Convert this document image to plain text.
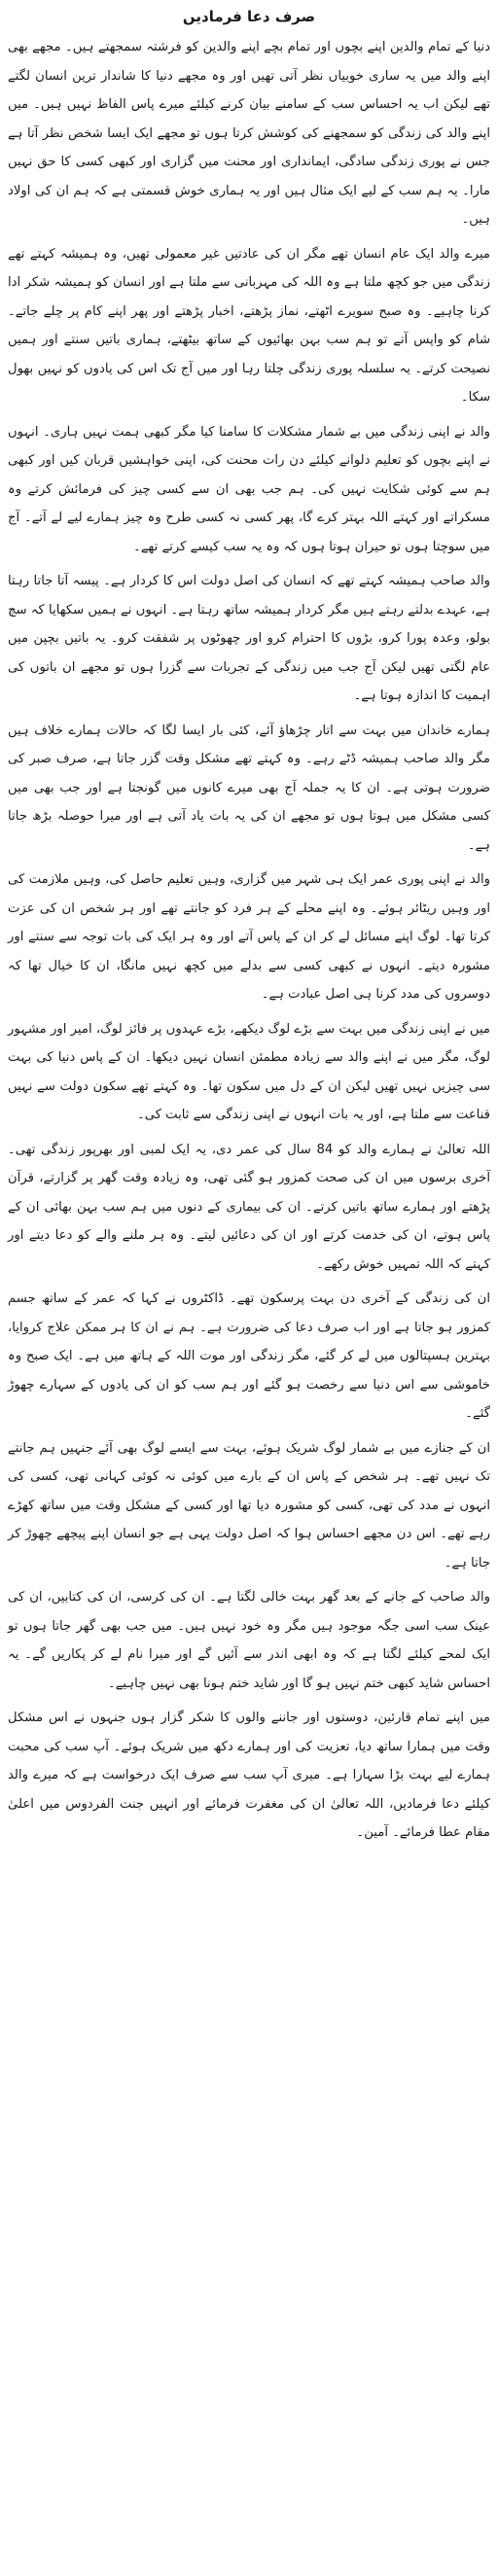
صرف دعا فرمادیں

دنیا کے تمام والدین اپنے بچوں اور تمام بچے اپنے والدین کو فرشتہ سمجھتے ہیں۔ مجھے بھی اپنے والد میں یہ ساری خوبیاں نظر آتی تھیں اور وہ مجھے دنیا کا شاندار ترین انسان لگتے تھے لیکن اب یہ احساس سب کے سامنے بیان کرنے کیلئے میرے پاس الفاظ نہیں ہیں۔ میں اپنے والد کی زندگی کو سمجھنے کی کوشش کرتا ہوں تو مجھے ایک ایسا شخص نظر آتا ہے جس نے پوری زندگی سادگی، ایمانداری اور محنت میں گزاری اور کبھی کسی کا حق نہیں مارا۔ یہ ہم سب کے لیے ایک مثال ہیں اور یہ ہماری خوش قسمتی ہے کہ ہم ان کی اولاد ہیں۔

میرے والد ایک عام انسان تھے مگر ان کی عادتیں غیر معمولی تھیں، وہ ہمیشہ کہتے تھے زندگی میں جو کچھ ملتا ہے وہ اللہ کی مہربانی سے ملتا ہے اور انسان کو ہمیشہ شکر ادا کرنا چاہیے۔ وہ صبح سویرے اٹھتے، نماز پڑھتے، اخبار پڑھتے اور پھر اپنے کام پر چلے جاتے۔ شام کو واپس آتے تو ہم سب بہن بھائیوں کے ساتھ بیٹھتے، ہماری باتیں سنتے اور ہمیں نصیحت کرتے۔ یہ سلسلہ پوری زندگی چلتا رہا اور میں آج تک اس کی یادوں کو نہیں بھول سکا۔

والد نے اپنی زندگی میں بے شمار مشکلات کا سامنا کیا مگر کبھی ہمت نہیں ہاری۔ انہوں نے اپنے بچوں کو تعلیم دلوانے کیلئے دن رات محنت کی، اپنی خواہشیں قربان کیں اور کبھی ہم سے کوئی شکایت نہیں کی۔ ہم جب بھی ان سے کسی چیز کی فرمائش کرتے وہ مسکراتے اور کہتے اللہ بہتر کرے گا، پھر کسی نہ کسی طرح وہ چیز ہمارے لیے لے آتے۔ آج میں سوچتا ہوں تو حیران ہوتا ہوں کہ وہ یہ سب کیسے کرتے تھے۔

والد صاحب ہمیشہ کہتے تھے کہ انسان کی اصل دولت اس کا کردار ہے۔ پیسہ آتا جاتا رہتا ہے، عہدے بدلتے رہتے ہیں مگر کردار ہمیشہ ساتھ رہتا ہے۔ انہوں نے ہمیں سکھایا کہ سچ بولو، وعدہ پورا کرو، بڑوں کا احترام کرو اور چھوٹوں پر شفقت کرو۔ یہ باتیں بچپن میں عام لگتی تھیں لیکن آج جب میں زندگی کے تجربات سے گزرا ہوں تو مجھے ان باتوں کی اہمیت کا اندازہ ہوتا ہے۔

ہمارے خاندان میں بہت سے اتار چڑھاؤ آئے، کئی بار ایسا لگا کہ حالات ہمارے خلاف ہیں مگر والد صاحب ہمیشہ ڈٹے رہے۔ وہ کہتے تھے مشکل وقت گزر جاتا ہے، صرف صبر کی ضرورت ہوتی ہے۔ ان کا یہ جملہ آج بھی میرے کانوں میں گونجتا ہے اور جب بھی میں کسی مشکل میں ہوتا ہوں تو مجھے ان کی یہ بات یاد آتی ہے اور میرا حوصلہ بڑھ جاتا ہے۔

والد نے اپنی پوری عمر ایک ہی شہر میں گزاری، وہیں تعلیم حاصل کی، وہیں ملازمت کی اور وہیں ریٹائر ہوئے۔ وہ اپنے محلے کے ہر فرد کو جانتے تھے اور ہر شخص ان کی عزت کرتا تھا۔ لوگ اپنے مسائل لے کر ان کے پاس آتے اور وہ ہر ایک کی بات توجہ سے سنتے اور مشورہ دیتے۔ انہوں نے کبھی کسی سے بدلے میں کچھ نہیں مانگا، ان کا خیال تھا کہ دوسروں کی مدد کرنا ہی اصل عبادت ہے۔

میں نے اپنی زندگی میں بہت سے بڑے لوگ دیکھے، بڑے عہدوں پر فائز لوگ، امیر اور مشہور لوگ، مگر میں نے اپنے والد سے زیادہ مطمئن انسان نہیں دیکھا۔ ان کے پاس دنیا کی بہت سی چیزیں نہیں تھیں لیکن ان کے دل میں سکون تھا۔ وہ کہتے تھے سکون دولت سے نہیں قناعت سے ملتا ہے، اور یہ بات انہوں نے اپنی زندگی سے ثابت کی۔

اللہ تعالیٰ نے ہمارے والد کو 84 سال کی عمر دی، یہ ایک لمبی اور بھرپور زندگی تھی۔ آخری برسوں میں ان کی صحت کمزور ہو گئی تھی، وہ زیادہ وقت گھر پر گزارتے، قرآن پڑھتے اور ہمارے ساتھ باتیں کرتے۔ ان کی بیماری کے دنوں میں ہم سب بہن بھائی ان کے پاس ہوتے، ان کی خدمت کرتے اور ان کی دعائیں لیتے۔ وہ ہر ملنے والے کو دعا دیتے اور کہتے کہ اللہ تمہیں خوش رکھے۔

ان کی زندگی کے آخری دن بہت پرسکون تھے۔ ڈاکٹروں نے کہا کہ عمر کے ساتھ جسم کمزور ہو جاتا ہے اور اب صرف دعا کی ضرورت ہے۔ ہم نے ان کا ہر ممکن علاج کروایا، بہترین ہسپتالوں میں لے کر گئے، مگر زندگی اور موت اللہ کے ہاتھ میں ہے۔ ایک صبح وہ خاموشی سے اس دنیا سے رخصت ہو گئے اور ہم سب کو ان کی یادوں کے سہارے چھوڑ گئے۔

ان کے جنازے میں بے شمار لوگ شریک ہوئے، بہت سے ایسے لوگ بھی آئے جنہیں ہم جانتے تک نہیں تھے۔ ہر شخص کے پاس ان کے بارے میں کوئی نہ کوئی کہانی تھی، کسی کی انہوں نے مدد کی تھی، کسی کو مشورہ دیا تھا اور کسی کے مشکل وقت میں ساتھ کھڑے رہے تھے۔ اس دن مجھے احساس ہوا کہ اصل دولت یہی ہے جو انسان اپنے پیچھے چھوڑ کر جاتا ہے۔

والد صاحب کے جانے کے بعد گھر بہت خالی لگتا ہے۔ ان کی کرسی، ان کی کتابیں، ان کی عینک سب اسی جگہ موجود ہیں مگر وہ خود نہیں ہیں۔ میں جب بھی گھر جاتا ہوں تو ایک لمحے کیلئے لگتا ہے کہ وہ ابھی اندر سے آئیں گے اور میرا نام لے کر پکاریں گے۔ یہ احساس شاید کبھی ختم نہیں ہو گا اور شاید ختم ہونا بھی نہیں چاہیے۔

میں اپنے تمام قارئین، دوستوں اور جاننے والوں کا شکر گزار ہوں جنہوں نے اس مشکل وقت میں ہمارا ساتھ دیا، تعزیت کی اور ہمارے دکھ میں شریک ہوئے۔ آپ سب کی محبت ہمارے لیے بہت بڑا سہارا ہے۔ میری آپ سب سے صرف ایک درخواست ہے کہ میرے والد کیلئے دعا فرمادیں، اللہ تعالیٰ ان کی مغفرت فرمائے اور انہیں جنت الفردوس میں اعلیٰ مقام عطا فرمائے۔ آمین۔
